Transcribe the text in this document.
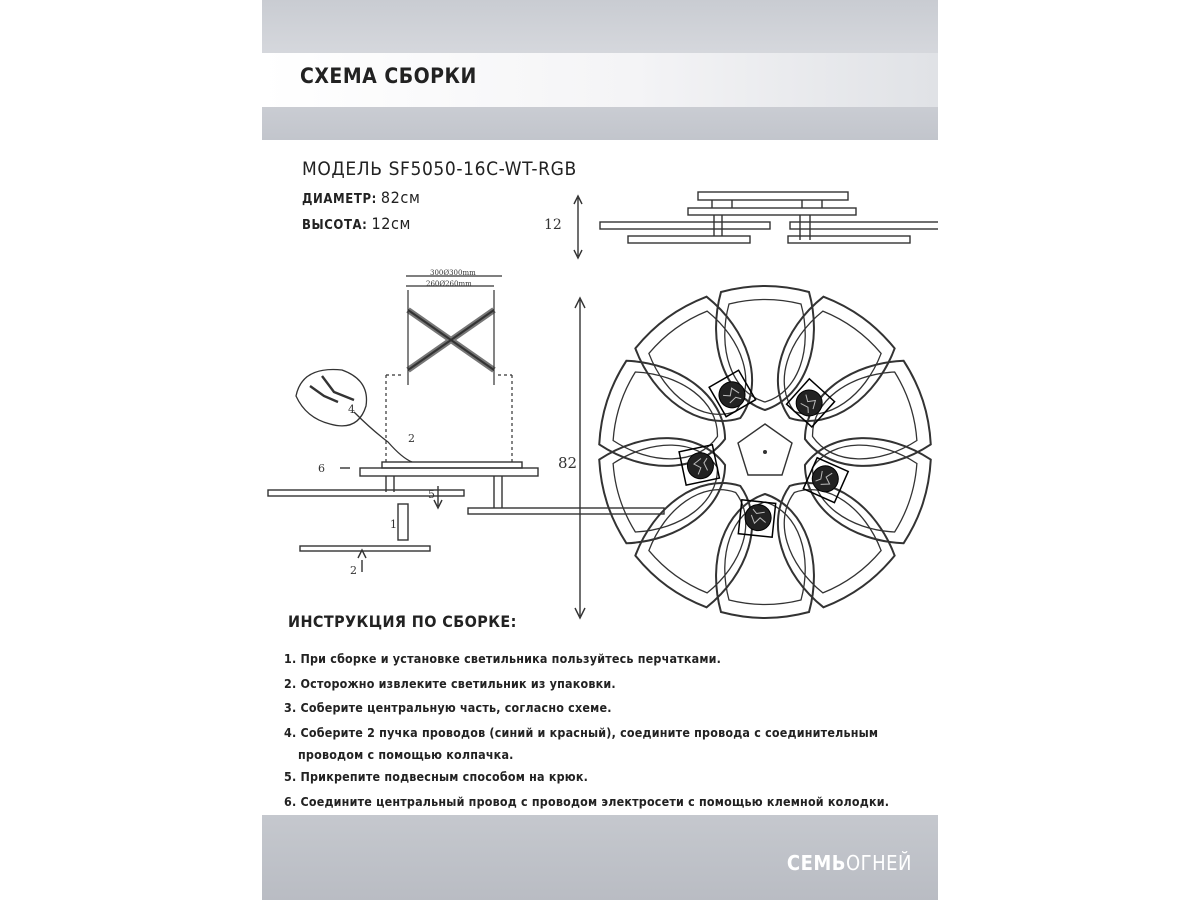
СХЕМА СБОРКИ
МОДЕЛЬ SF5050-16C-WT-RGB
ДИАМЕТР: 82см
ВЫСОТА: 12см	12
300Ø300mm
260Ø260mm
4
2
6
5
1
2
82
ИНСТРУКЦИЯ ПО СБОРКЕ:
1. При сборке и установке светильника пользуйтесь перчатками.
2. Осторожно извлеките светильник из упаковки.
3. Соберите центральную часть, согласно схеме.
4. Соберите 2 пучка проводов (синий и красный), соедините провода с соединительным
проводом с помощью колпачка.
5. Прикрепите подвесным способом на крюк.
6. Соедините центральный провод с проводом электросети с помощью клемной колодки.
СЕМЬОГНЕЙ
